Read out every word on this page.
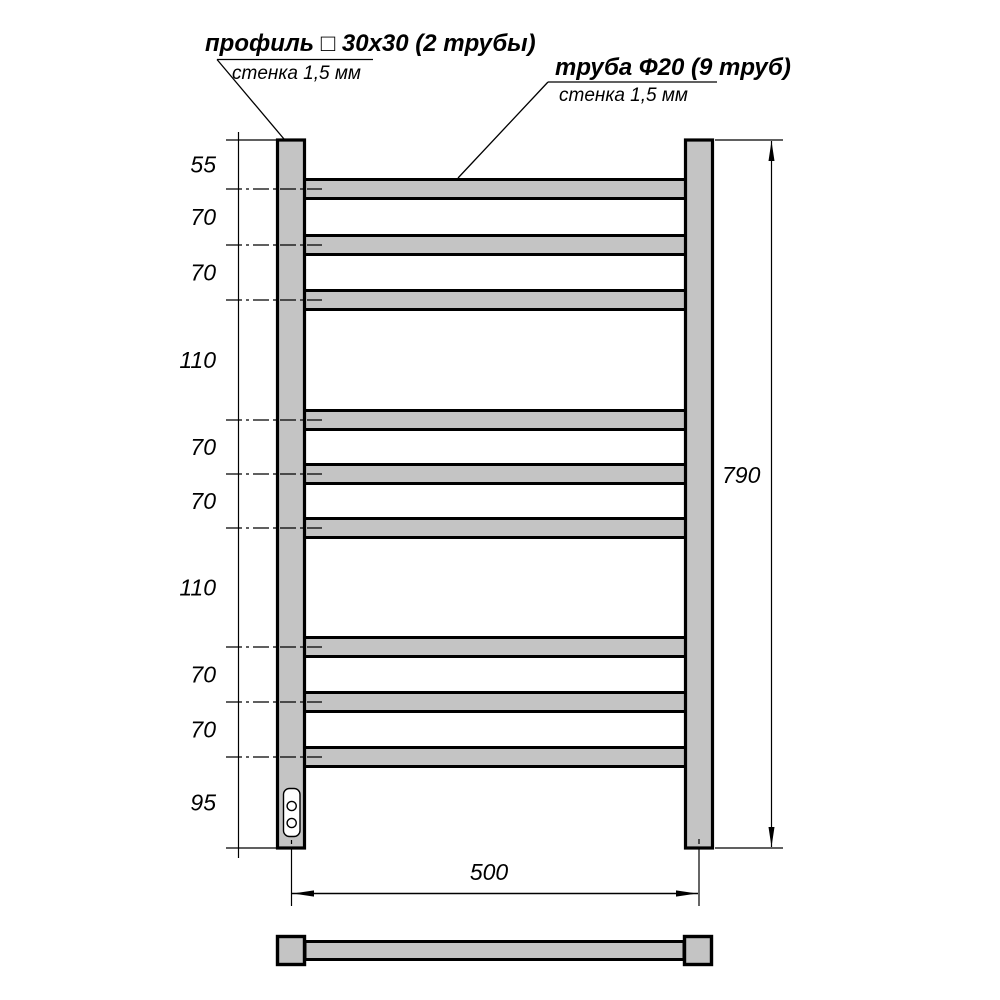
профиль □ 30x30 (2 трубы)
стенка 1,5 мм	труба Ф20 (9 труб)
стенка 1,5 мм
55
70
70
110
70
70
110
70
70
95
790
500
